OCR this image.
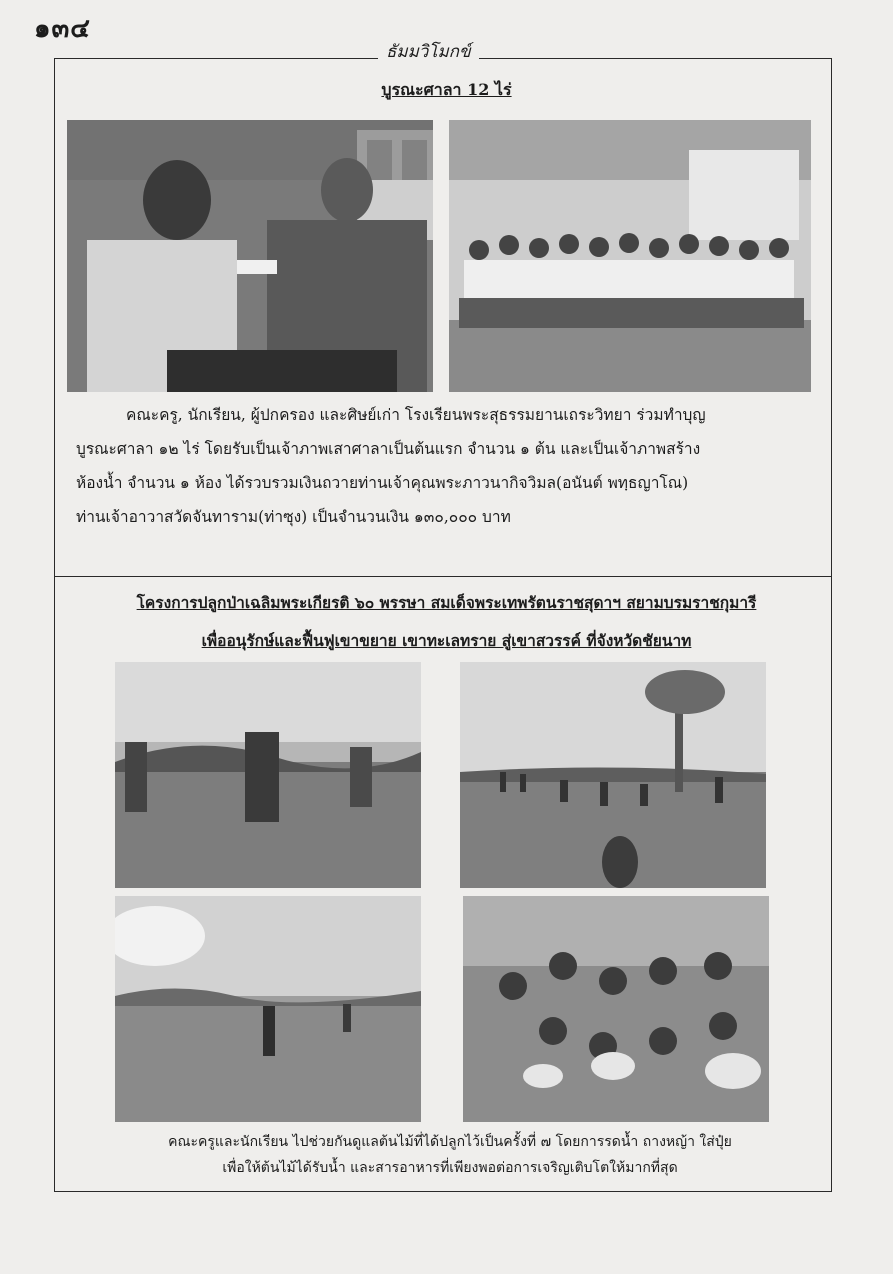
๑๓๔
ธัมมวิโมกข์
บูรณะศาลา 12 ไร่
คณะครู, นักเรียน, ผู้ปกครอง และศิษย์เก่า โรงเรียนพระสุธรรมยานเถระวิทยา ร่วมทำบุญ
บูรณะศาลา ๑๒ ไร่ โดยรับเป็นเจ้าภาพเสาศาลาเป็นต้นแรก จำนวน ๑ ต้น และเป็นเจ้าภาพสร้าง
ห้องน้ำ จำนวน ๑ ห้อง ได้รวบรวมเงินถวายท่านเจ้าคุณพระภาวนากิจวิมล(อนันต์ พทฺธญาโณ)
ท่านเจ้าอาวาสวัดจันทาราม(ท่าซุง) เป็นจำนวนเงิน ๑๓๐,๐๐๐ บาท
โครงการปลูกป่าเฉลิมพระเกียรติ ๖๐ พรรษา สมเด็จพระเทพรัตนราชสุดาฯ สยามบรมราชกุมารี
เพื่ออนุรักษ์และฟื้นฟูเขาขยาย เขาทะเลทราย สู่เขาสวรรค์ ที่จังหวัดชัยนาท
คณะครูและนักเรียน ไปช่วยกันดูแลต้นไม้ที่ได้ปลูกไว้เป็นครั้งที่ ๗ โดยการรดน้ำ ถางหญ้า ใส่ปุ๋ย
เพื่อให้ต้นไม้ได้รับน้ำ และสารอาหารที่เพียงพอต่อการเจริญเติบโตให้มากที่สุด
